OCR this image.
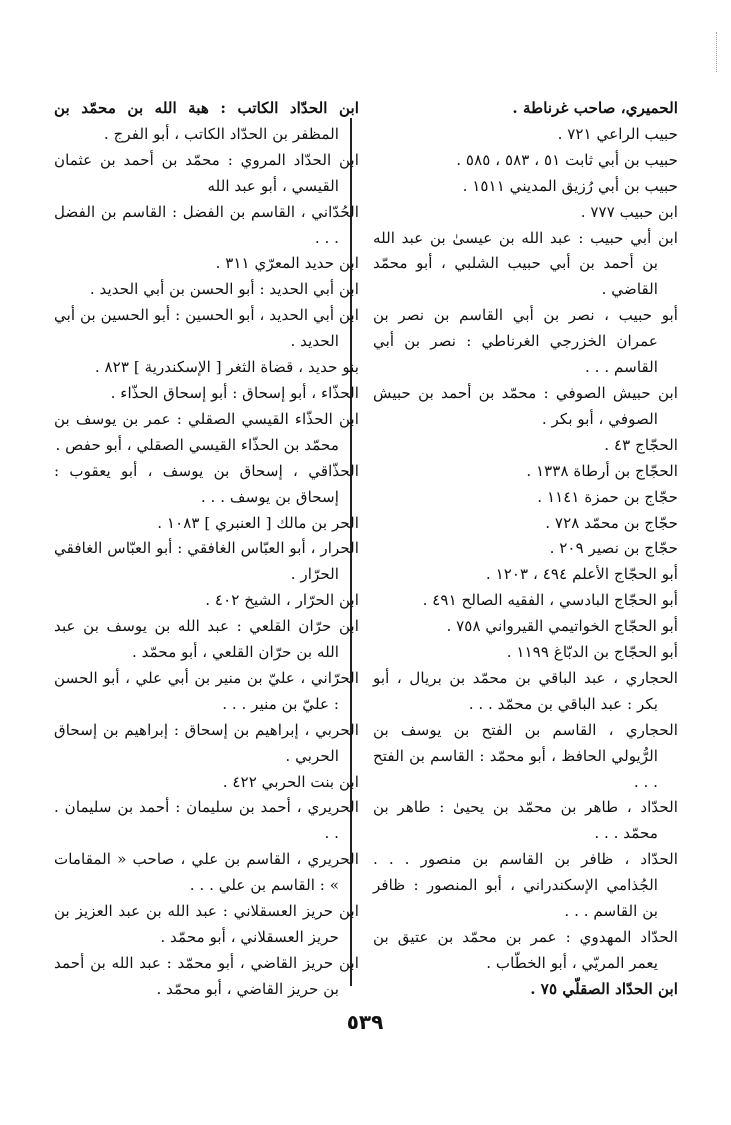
الحميري، صاحب غرناطة .
حبيب الراعي ٧٢١ .
حبيب بن أبي ثابت ٥١ ، ٥٨٣ ، ٥٨٥ .
حبيب بن أبي رُزيق المديني ١٥١١ .
ابن حبيب ٧٧٧ .
ابن أبي حبيب : عبد الله بن عيسىٰ بن عبد الله بن أحمد بن أبي حبيب الشلبي ، أبو محمّد القاضي .
أبو حبيب ، نصر بن أبي القاسم بن نصر بن عمران الخزرجي الغرناطي : نصر بن أبي القاسم . . .
ابن حبيش الصوفي : محمّد بن أحمد بن حبيش الصوفي ، أبو بكر .
الحجّاج ٤٣ .
الحجّاج بن أرطاة ١٣٣٨ .
حجّاج بن حمزة ١١٤١ .
حجّاج بن محمّد ٧٢٨ .
حجّاج بن نصير ٢٠٩ .
أبو الحجّاج الأعلم ٤٩٤ ، ١٢٠٣ .
أبو الحجّاج البادسي ، الفقيه الصالح ٤٩١ .
أبو الحجّاج الخواتيمي القيرواني ٧٥٨ .
أبو الحجّاج بن الدبّاغ ١١٩٩ .
الحجاري ، عبد الباقي بن محمّد بن بريال ، أبو بكر : عبد الباقي بن محمّد . . .
الحجاري ، القاسم بن الفتح بن يوسف بن الرُّيولي الحافظ ، أبو محمّد : القاسم بن الفتح . . .
الحدّاد ، طاهر بن محمّد بن يحيىٰ : طاهر بن محمّد . . .
الحدّاد ، ظافر بن القاسم بن منصور . . . الجُذامي الإسكندراني ، أبو المنصور : ظافر بن القاسم . . .
الحدّاد المهدوي : عمر بن محمّد بن عتيق بن يعمر المريّي ، أبو الخطّاب .
ابن الحدّاد الصقلّي ٧٥ .
ابن الحدّاد الكاتب : هبة الله بن محمّد بن المظفر بن الحدّاد الكاتب ، أبو الفرج .
ابن الحدّاد المروي : محمّد بن أحمد بن عثمان القيسي ، أبو عبد الله
الحُدّاني ، القاسم بن الفضل : القاسم بن الفضل . . .
ابن حديد المعرّي ٣١١ .
ابن أبي الحديد : أبو الحسن بن أبي الحديد .
ابن أبي الحديد ، أبو الحسين : أبو الحسين بن أبي الحديد .
بنو حديد ، قضاة الثغر [ الإسكندرية ] ٨٢٣ .
الحذّاء ، أبو إسحاق : أبو إسحاق الحذّاء .
ابن الحذّاء القيسي الصقلي : عمر بن يوسف بن محمّد بن الحذّاء القيسي الصقلي ، أبو حفص .
الحذّاقي ، إسحاق بن يوسف ، أبو يعقوب : إسحاق بن يوسف . . .
الحر بن مالك [ العنبري ] ١٠٨٣ .
الحرار ، أبو العبّاس الغافقي : أبو العبّاس الغافقي الحرّار .
ابن الحرّار ، الشيخ ٤٠٢ .
ابن حرّان القلعي : عبد الله بن يوسف بن عبد الله بن حرّان القلعي ، أبو محمّد .
الحرّاني ، عليّ بن منير بن أبي علي ، أبو الحسن : عليّ بن منير . . .
الحربي ، إبراهيم بن إسحاق : إبراهيم بن إسحاق الحربي .
ابن بنت الحربي ٤٢٢ .
الحريري ، أحمد بن سليمان : أحمد بن سليمان . . .
الحريري ، القاسم بن علي ، صاحب « المقامات » : القاسم بن علي . . .
ابن حريز العسقلاني : عبد الله بن عبد العزيز بن حريز العسقلاني ، أبو محمّد .
ابن حريز القاضي ، أبو محمّد : عبد الله بن أحمد بن حريز القاضي ، أبو محمّد .
٥٣٩
